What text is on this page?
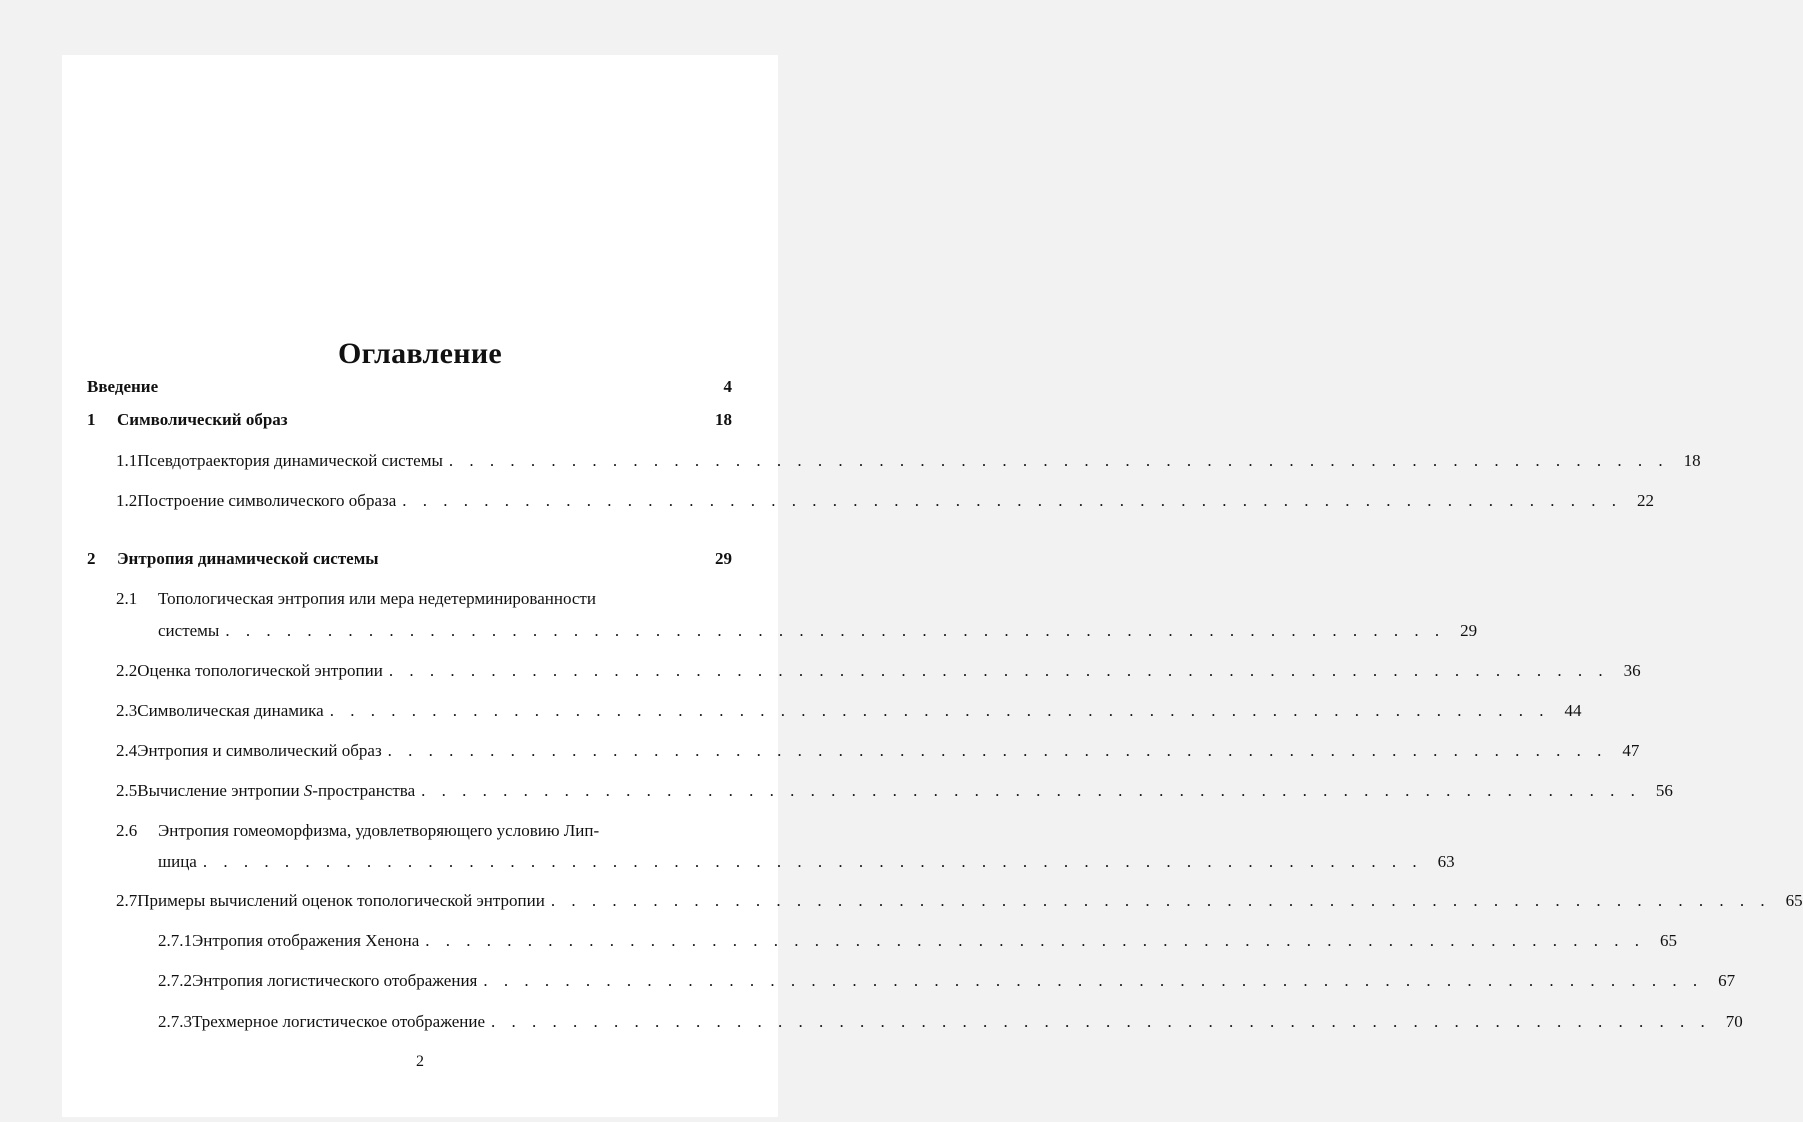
Оглавление
Введение	4
1	Символический образ	18
1.1 Псевдотраектория динамической системы . . . . . . . . . . . . . . . . . . . . . . . . . . . . . . . . . . . . . . . . . . . . . . . . . . . . . . . . . . . . 18
1.2 Построение символического образа . . . . . . . . . . . . . . . . . . . . . . . . . . . . . . . . . . . . . . . . . . . . . . . . . . . . . . . . . . . . 22
2	Энтропия динамической системы	29
2.1 Топологическая энтропия или мера недетерминированности
системы . . . . . . . . . . . . . . . . . . . . . . . . . . . . . . . . . . . . . . . . . . . . . . . . . . . . . . . . . . . . 29
2.2 Оценка топологической энтропии . . . . . . . . . . . . . . . . . . . . . . . . . . . . . . . . . . . . . . . . . . . . . . . . . . . . . . . . . . . . 36
2.3 Символическая динамика . . . . . . . . . . . . . . . . . . . . . . . . . . . . . . . . . . . . . . . . . . . . . . . . . . . . . . . . . . . . 44
2.4 Энтропия и символический образ . . . . . . . . . . . . . . . . . . . . . . . . . . . . . . . . . . . . . . . . . . . . . . . . . . . . . . . . . . . . 47
2.5 Вычисление энтропии S-пространства . . . . . . . . . . . . . . . . . . . . . . . . . . . . . . . . . . . . . . . . . . . . . . . . . . . . . . . . . . . . 56
2.6 Энтропия гомеоморфизма, удовлетворяющего условию Лип-
шица . . . . . . . . . . . . . . . . . . . . . . . . . . . . . . . . . . . . . . . . . . . . . . . . . . . . . . . . . . . . 63
2.7 Примеры вычислений оценок топологической энтропии . . . . . . . . . . . . . . . . . . . . . . . . . . . . . . . . . . . . . . . . . . . . . . . . . . . . . . . . . . . . 65
2.7.1 Энтропия отображения Хенона . . . . . . . . . . . . . . . . . . . . . . . . . . . . . . . . . . . . . . . . . . . . . . . . . . . . . . . . . . . . 65
2.7.2 Энтропия логистического отображения . . . . . . . . . . . . . . . . . . . . . . . . . . . . . . . . . . . . . . . . . . . . . . . . . . . . . . . . . . . . 67
2.7.3 Трехмерное логистическое отображение . . . . . . . . . . . . . . . . . . . . . . . . . . . . . . . . . . . . . . . . . . . . . . . . . . . . . . . . . . . . 70
2
